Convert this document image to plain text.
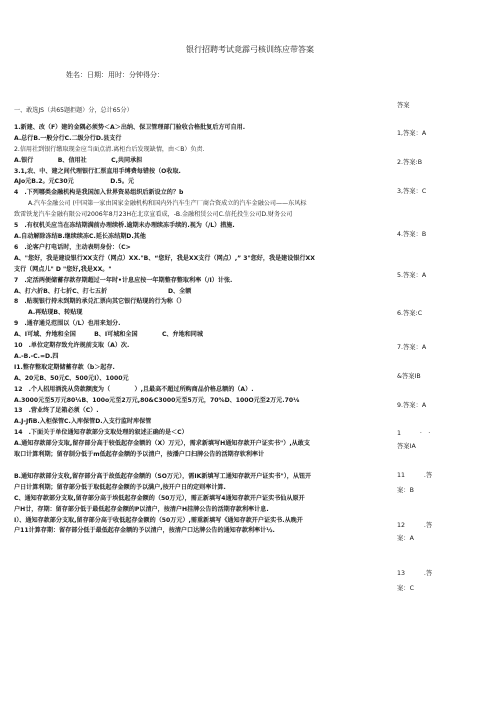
银行招聘考试竟霹弓核训练应带答案
姓名：日期：用时：分钟得分：
一、敢选JS（共65题拒题）分，总计65分）
1.新建、改（F）建的金隅必须势＜A＞出纳、保卫管理部门验收合格批复后方可自用.
A.总行B.一般分行C.二级分行D.县支行
2.信用社到银行缴取现金应当面点清.离柜台后发现缺情，由＜B）负责.
A.银行　　　　B、信用社　　　　C,共同承担
3.1,农、中、建之间代理银行汇票直用手缚费每错按（O收取.
AJo元B.2。元C30元　　　　　　D.5。元
4　.下列哪类金融机构是我国加入世界资易组织后新设立的？b
A.汽车金融公司 (中国第一家由国家金融机构和国内外汽车生产厂商合资成立的汽车金融公司——东风标
致雷铁龙汽车金融有限公司2006年8月23H在北京宣看成，-B.金融租赁公司C.信托投生公司D.财务公司
5　.有权机关应当在冻结期满前办理续桥.逾期未办理续冻手续的.视为（/L）措施.
A.自动解除冻结B.继续续冻C.延长冻结期D.其他
6　.论客户打电话时，主动表明身份：（C>
A、"您好，我是建设银行XX支行（网点）XX."B、“您好，我是XX支行（网点）,” 3"您好，我是建设银行XX
支行（网点儿" D "您好,我是XX。"
7　.定活两便储蓄存款存期超过一年时•计息应按一年期整存整取利率（/I）计张.
A、打六折B、打七折C、打七五折　　　　　　　　　　D、全额
8　.贴现银行持未到期的承兑汇票向其它银行贴现的行为称（）
A.再贴现B、转贴现
9　.通存通兑范围以（/L）也用来划分.
A、I可域、弁地和全国　　　B、I可城和全国　　　　C、弁地和同城
10　.单位定期存致允许规前支取（A）次.
A.-B.-C.=D.四
I1.整存整取定期储蓄存款（b＞起存.
A、20元B、50元C、500元I）、1000元
12　.个人招用酒洗从贷款额度为（　　　　）,且最高不超过所购商品价格总额的（A）.
A.3000元至5万元80¼B、100o元至2万元,80&C3000元至5万元，70%D、100O元至2万元.70⅛
13　.营业终了足箱必须（C）.
A.J-JfiB.入柜保管C.入库保管D.入支行监时库保管
14　.下面关于单位通知存款部分支取处理的叙述正确的是＜C）
A.通知存款部分支取,留存部分高于较低起存金额的（X）万元），需求新填写H通知存款开户证实书"）,从敢支
取口计算利期；留存制分低于m低起存金额的予以清户，按潘户口扫牌公告的活期存软利率计

B.通知存款部分支收,留存部分高于故低起存金额的（SO万元），需IK新填写工通知存款开户证实书"），从钮开
户日计算利期；留存部分低于取低起存金额的予以满户,按开户日的定则率计算.
C、通知存款部分支取,留存部分高于埃低起存金额的（50万元），需正新填写4通知存款开户证实书仙从原开
户H廿，存期：留存部分低于最低起存金额的P以清户，按清户H挂牌公告的活期存款利率计息.
I）、通知存款部分支取,留存部分高于收低起存金额的（50万元）,需重新填写《通知存款开户证实书.从晚开
户11计算存期：留存部分低于最低起存金额的予以清户，按清户口达牌公告的通知存款利率计½.
答案
1,答案：A
2.答案:B
3,答案：C
4.答案：B
5.答案：A
6.答案:C
7.答案：A
&答案IB
9.答案：A
1　　　·　·
答案IA
11　　　.答
案：B
12　　　.答
案：A
13　　　.答
案：C
